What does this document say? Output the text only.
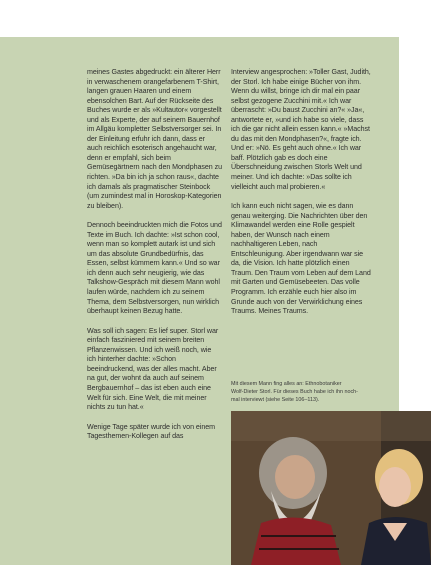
meines Gastes abgedruckt: ein älterer Herr in verwaschenem orangefarbenem T-Shirt, langen grauen Haaren und einem ebensolchen Bart. Auf der Rückseite des Buches wurde er als »Kultautor« vorgestellt und als Experte, der auf seinem Bauernhof im Allgäu kompletter Selbstversorger sei. In der Einleitung erfuhr ich dann, dass er auch reichlich esoterisch angehaucht war, denn er empfahl, sich beim Gemüsegärtnern nach den Mondphasen zu richten. »Da bin ich ja schon raus«, dachte ich damals als pragmatischer Steinbock (um zumindest mal in Horoskop-Kategorien zu bleiben).

Dennoch beeindruckten mich die Fotos und Texte im Buch. Ich dachte: »Ist schon cool, wenn man so komplett autark ist und sich um das absolute Grundbedürfnis, das Essen, selbst kümmern kann.« Und so war ich denn auch sehr neugierig, wie das Talkshow-Gespräch mit diesem Mann wohl laufen würde, nachdem ich zu seinem Thema, dem Selbstversorgen, nun wirklich überhaupt keinen Bezug hatte.

Was soll ich sagen: Es lief super. Storl war einfach fasziniered mit seinem breiten Pflanzenwissen. Und ich weiß noch, wie ich hinterher dachte: »Schon beeindruckend, was der alles macht. Aber na gut, der wohnt da auch auf seinem Bergbauernhof – das ist eben auch eine Welt für sich. Eine Welt, die mit meiner nichts zu tun hat.«

Wenige Tage später wurde ich von einem Tagesthemen-Kollegen auf das

Interview angesprochen: »Toller Gast, Judith, der Storl. Ich habe einige Bücher von ihm. Wenn du willst, bringe ich dir mal ein paar selbst gezogene Zucchini mit.« Ich war überrascht: »Du baust Zucchini an?« »Ja«, antwortete er, »und ich habe so viele, dass ich die gar nicht allein essen kann.« »Machst du das mit den Mondphasen?«, fragte ich. Und er: »Nö. Es geht auch ohne.« Ich war baff. Plötzlich gab es doch eine Überschneidung zwischen Storls Welt und meiner. Und ich dachte: »Das sollte ich vielleicht auch mal probieren.«

Ich kann euch nicht sagen, wie es dann genau weiterging. Die Nachrichten über den Klimawandel werden eine Rolle gespielt haben, der Wunsch nach einem nachhaltigeren Leben, nach Entschleunigung. Aber irgendwann war sie da, die Vision. Ich hatte plötzlich einen Traum. Den Traum vom Leben auf dem Land mit Garten und Gemüsebeeten. Das volle Programm. Ich erzähle euch hier also im Grunde auch von der Verwirklichung eines Traums. Meines Traums.

Mit diesem Mann fing alles an: Ethnobotaniker

Wolf-Dieter Storl. Für dieses Buch habe ich ihn noch-

mal interviewt (siehe Seite 106–113).
